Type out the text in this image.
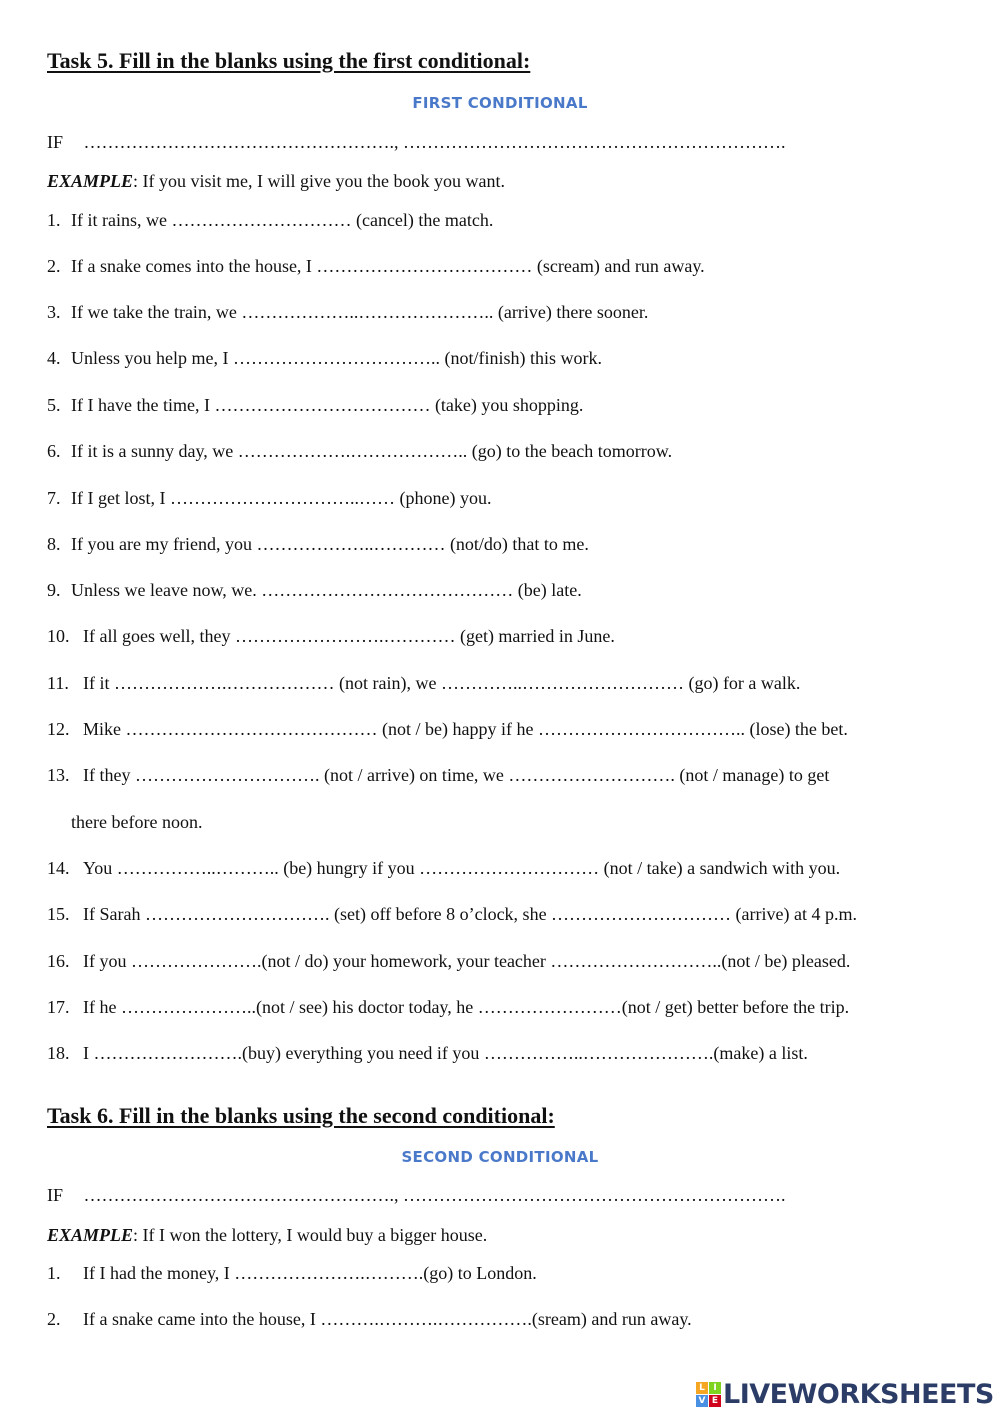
Task 5. Fill in the blanks using the first conditional:
FIRST CONDITIONAL
IF ……………………………………………., ……………………………………………………….
EXAMPLE: If you visit me, I will give you the book you want.
1. If it rains, we ………………………… (cancel) the match.
2. If a snake comes into the house, I ……………………………… (scream) and run away.
3. If we take the train, we ………………..………………….. (arrive) there sooner.
4. Unless you help me, I …………………………….. (not/finish) this work.
5. If I have the time, I ……………………………… (take) you shopping.
6. If it is a sunny day, we ……………….……………….. (go) to the beach tomorrow.
7. If I get lost, I …………………………..…… (phone) you.
8. If you are my friend, you ………………..………… (not/do) that to me.
9. Unless we leave now, we. …………………………………… (be) late.
10. If all goes well, they …………………….………… (get) married in June.
11. If it ……………….……………… (not rain), we …………..……………………… (go) for a walk.
12. Mike …………………………………… (not / be) happy if he …………………………….. (lose) the bet.
13. If they …………………………. (not / arrive) on time, we ………………………. (not / manage) to get
there before noon.
14. You ……………..……….. (be) hungry if you ………………………… (not / take) a sandwich with you.
15. If Sarah …………………………. (set) off before 8 o’clock, she ………………………… (arrive) at 4 p.m.
16. If you ………………….(not / do) your homework, your teacher ………………………..(not / be) pleased.
17. If he …………………..(not / see) his doctor today, he ……………………(not / get) better before the trip.
18. I …………………….(buy) everything you need if you ……………..………………….(make) a list.
Task 6. Fill in the blanks using the second conditional:
SECOND CONDITIONAL
IF ……………………………………………., ……………………………………………………….
EXAMPLE: If I won the lottery, I would buy a bigger house.
1. If I had the money, I ………………….……….(go) to London.
2. If a snake came into the house, I ……….……….…………….(sream) and run away.
L I
V E LIVEWORKSHEETS
